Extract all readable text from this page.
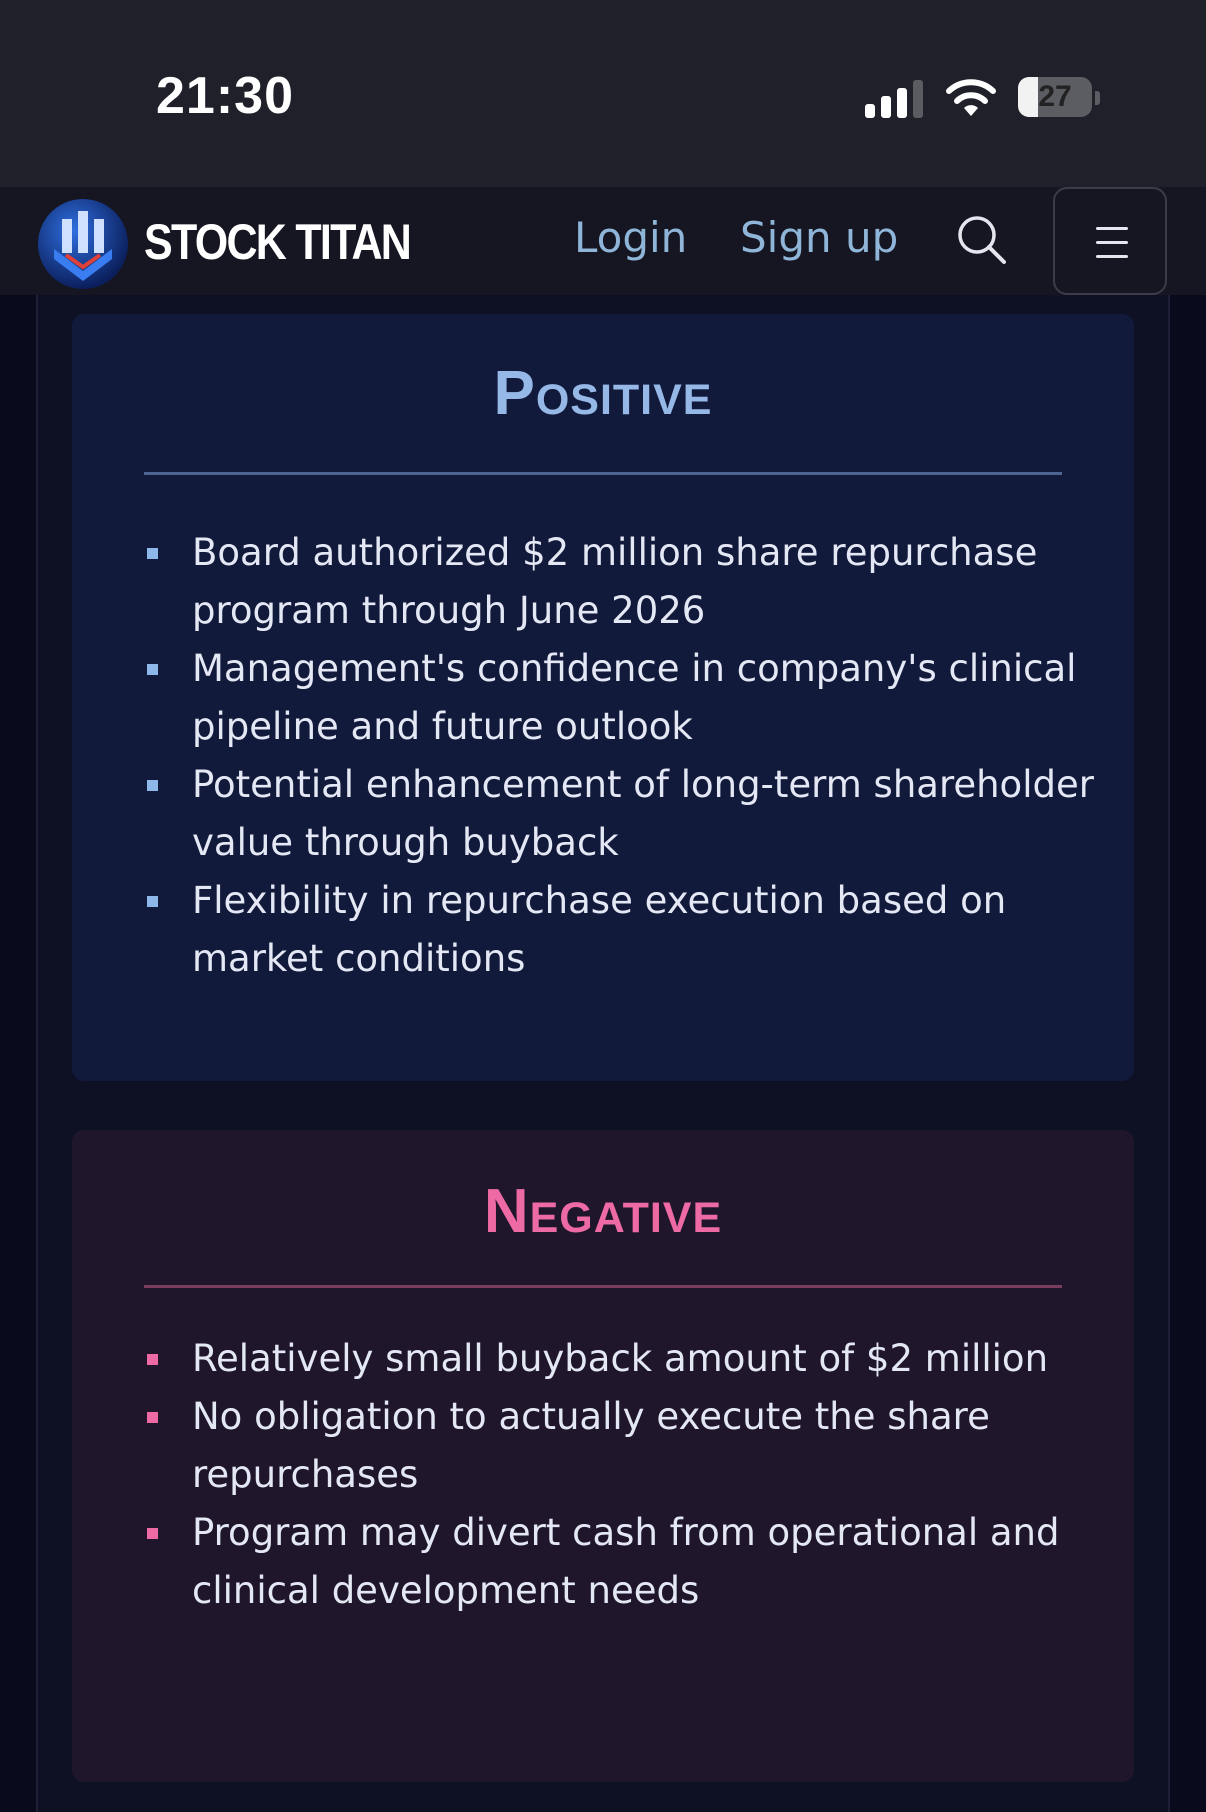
21:30	27
STOCK TITAN	Login Sign up
Positive
Board authorized $2 million share repurchase program through June 2026
Management's confidence in company's clinical pipeline and future outlook
Potential enhancement of long-term shareholder value through buyback
Flexibility in repurchase execution based on market conditions
Negative
Relatively small buyback amount of $2 million
No obligation to actually execute the share repurchases
Program may divert cash from operational and clinical development needs
